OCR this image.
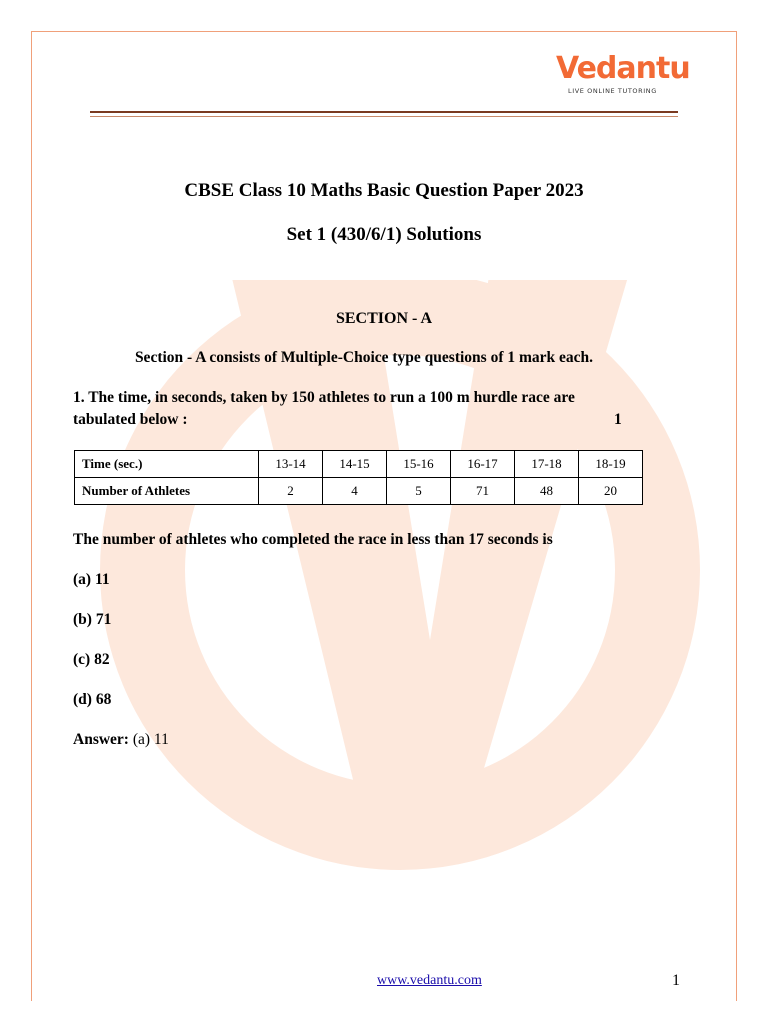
Vedantu
LIVE ONLINE TUTORING
CBSE Class 10 Maths Basic Question Paper 2023
Set 1 (430/6/1) Solutions
SECTION - A
Section - A consists of Multiple-Choice type questions of 1 mark each.
1. The time, in seconds, taken by 150 athletes to run a 100 m hurdle race are
tabulated below :	1
Time (sec.)	13-14	14-15	15-16	16-17	17-18	18-19
Number of Athletes	2	4	5	71	48	20
The number of athletes who completed the race in less than 17 seconds is
(a) 11
(b) 71
(c) 82
(d) 68
Answer: (a) 11
www.vedantu.com	1
